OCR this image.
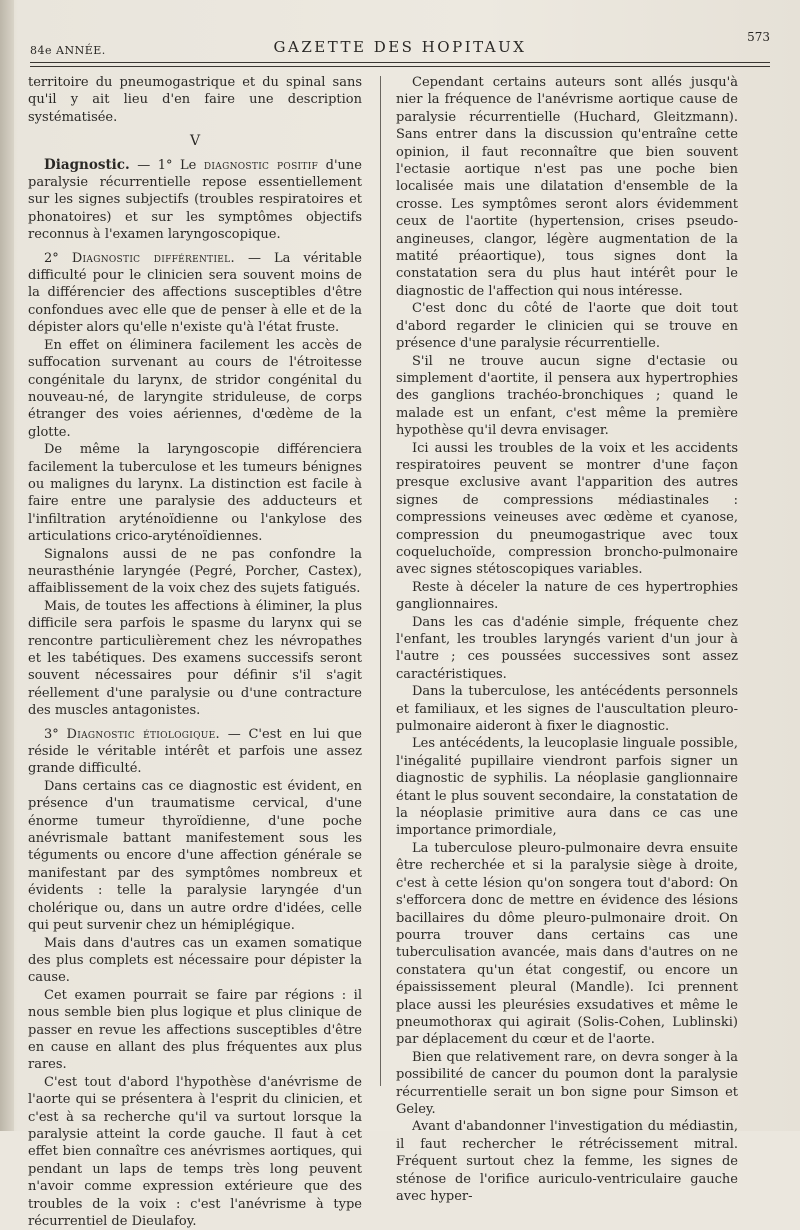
84e ANNÉE.	GAZETTE DES HOPITAUX
573

territoire du pneumogastrique et du spinal sans qu'il y ait lieu d'en faire une description systématisée.

V

Diagnostic. — 1° Le diagnostic positif d'une paralysie récurrentielle repose essentiellement sur les signes subjectifs (troubles respiratoires et phonatoires) et sur les symptômes objectifs reconnus à l'examen laryngoscopique.

2° Diagnostic différentiel. — La véritable difficulté pour le clinicien sera souvent moins de la différencier des affections susceptibles d'être confondues avec elle que de penser à elle et de la dépister alors qu'elle n'existe qu'à l'état fruste.

En effet on éliminera facilement les accès de suffocation survenant au cours de l'étroitesse congénitale du larynx, de stridor congénital du nouveau-né, de laryngite striduleuse, de corps étranger des voies aériennes, d'œdème de la glotte.

De même la laryngoscopie différenciera facilement la tuberculose et les tumeurs bénignes ou malignes du larynx. La distinction est facile à faire entre une paralysie des adducteurs et l'infiltration aryténoïdienne ou l'ankylose des articulations crico-aryténoïdiennes.

Signalons aussi de ne pas confondre la neurasthénie laryngée (Pegré, Porcher, Castex), affaiblissement de la voix chez des sujets fatigués.

Mais, de toutes les affections à éliminer, la plus difficile sera parfois le spasme du larynx qui se rencontre particulièrement chez les névropathes et les tabétiques. Des examens successifs seront souvent nécessaires pour définir s'il s'agit réellement d'une paralysie ou d'une contracture des muscles antagonistes.

3° Diagnostic étiologique. — C'est en lui que réside le véritable intérêt et parfois une assez grande difficulté.

Dans certains cas ce diagnostic est évident, en présence d'un traumatisme cervical, d'une énorme tumeur thyroïdienne, d'une poche anévrismale battant manifestement sous les téguments ou encore d'une affection générale se manifestant par des symptômes nombreux et évidents : telle la paralysie laryngée d'un cholérique ou, dans un autre ordre d'idées, celle qui peut survenir chez un hémiplégique.

Mais dans d'autres cas un examen somatique des plus complets est nécessaire pour dépister la cause.

Cet examen pourrait se faire par régions : il nous semble bien plus logique et plus clinique de passer en revue les affections susceptibles d'être en cause en allant des plus fréquentes aux plus rares.

C'est tout d'abord l'hypothèse d'anévrisme de l'aorte qui se présentera à l'esprit du clinicien, et c'est à sa recherche qu'il va surtout lorsque la paralysie atteint la corde gauche. Il faut à cet effet bien connaître ces anévrismes aortiques, qui pendant un laps de temps très long peuvent n'avoir comme expression extérieure que des troubles de la voix : c'est l'anévrisme à type récurrentiel de Dieulafoy.

Cependant certains auteurs sont allés jusqu'à nier la fréquence de l'anévrisme aortique cause de paralysie récurrentielle (Huchard, Gleitzmann). Sans entrer dans la discussion qu'entraîne cette opinion, il faut reconnaître que bien souvent l'ectasie aortique n'est pas une poche bien localisée mais une dilatation d'ensemble de la crosse. Les symptômes seront alors évidemment ceux de l'aortite (hypertension, crises pseudo-angineuses, clangor, légère augmentation de la matité préaortique), tous signes dont la constatation sera du plus haut intérêt pour le diagnostic de l'affection qui nous intéresse.

C'est donc du côté de l'aorte que doit tout d'abord regarder le clinicien qui se trouve en présence d'une paralysie récurrentielle.

S'il ne trouve aucun signe d'ectasie ou simplement d'aortite, il pensera aux hypertrophies des ganglions trachéo-bronchiques ; quand le malade est un enfant, c'est même la première hypothèse qu'il devra envisager.

Ici aussi les troubles de la voix et les accidents respiratoires peuvent se montrer d'une façon presque exclusive avant l'apparition des autres signes de compressions médiastinales : compressions veineuses avec œdème et cyanose, compression du pneumogastrique avec toux coqueluchoïde, compression broncho-pulmonaire avec signes stétoscopiques variables.

Reste à déceler la nature de ces hypertrophies ganglionnaires.

Dans les cas d'adénie simple, fréquente chez l'enfant, les troubles laryngés varient d'un jour à l'autre ; ces poussées successives sont assez caractéristiques.

Dans la tuberculose, les antécédents personnels et familiaux, et les signes de l'auscultation pleuro-pulmonaire aideront à fixer le diagnostic.

Les antécédents, la leucoplasie linguale possible, l'inégalité pupillaire viendront parfois signer un diagnostic de syphilis. La néoplasie ganglionnaire étant le plus souvent secondaire, la constatation de la néoplasie primitive aura dans ce cas une importance primordiale,

La tuberculose pleuro-pulmonaire devra ensuite être recherchée et si la paralysie siège à droite, c'est à cette lésion qu'on songera tout d'abord: On s'efforcera donc de mettre en évidence des lésions bacillaires du dôme pleuro-pulmonaire droit. On pourra trouver dans certains cas une tuberculisation avancée, mais dans d'autres on ne constatera qu'un état congestif, ou encore un épaississement pleural (Mandle). Ici prennent place aussi les pleurésies exsudatives et même le pneumothorax qui agirait (Solis-Cohen, Lublinski) par déplacement du cœur et de l'aorte.

Bien que relativement rare, on devra songer à la possibilité de cancer du poumon dont la paralysie récurrentielle serait un bon signe pour Simson et Geley.

Avant d'abandonner l'investigation du médiastin, il faut rechercher le rétrécissement mitral. Fréquent surtout chez la femme, les signes de sténose de l'orifice auriculo-ventriculaire gauche avec hyper-
